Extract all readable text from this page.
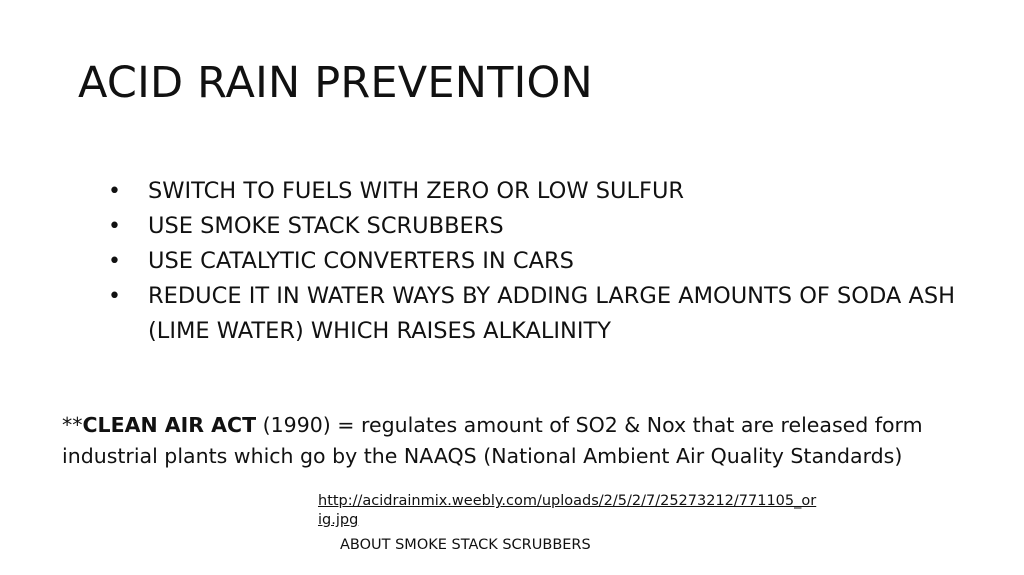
ACID RAIN PREVENTION
• SWITCH TO FUELS WITH ZERO OR LOW SULFUR
• USE SMOKE STACK SCRUBBERS
• USE CATALYTIC CONVERTERS IN CARS
• REDUCE IT IN WATER WAYS BY ADDING LARGE AMOUNTS OF SODA ASH (LIME WATER) WHICH RAISES ALKALINITY
**CLEAN AIR ACT (1990) = regulates amount of SO2 & Nox that are released form industrial plants which go by the NAAQS (National Ambient Air Quality Standards)
http://acidrainmix.weebly.com/uploads/2/5/2/7/25273212/771105_orig.jpg
ABOUT SMOKE STACK SCRUBBERS
